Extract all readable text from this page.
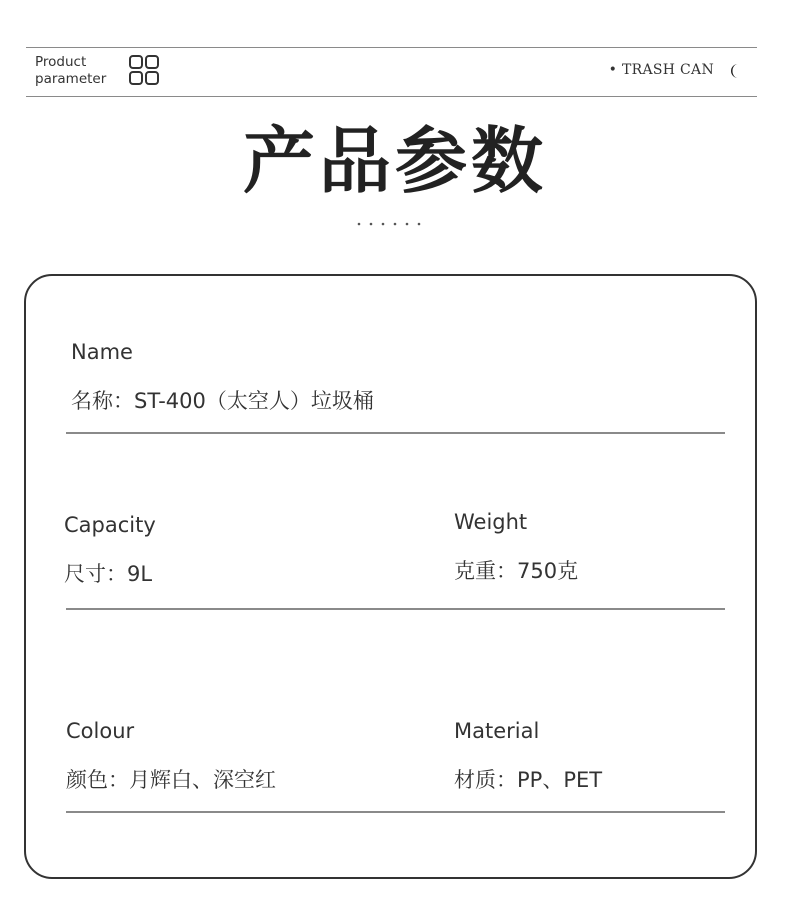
Product
parameter
• TRASH CAN
产品参数
Name
名称：ST-400（太空人）垃圾桶
Capacity
尺寸：9L
Weight
克重：750克
Colour
颜色：月辉白、深空红
Material
材质：PP、PET
